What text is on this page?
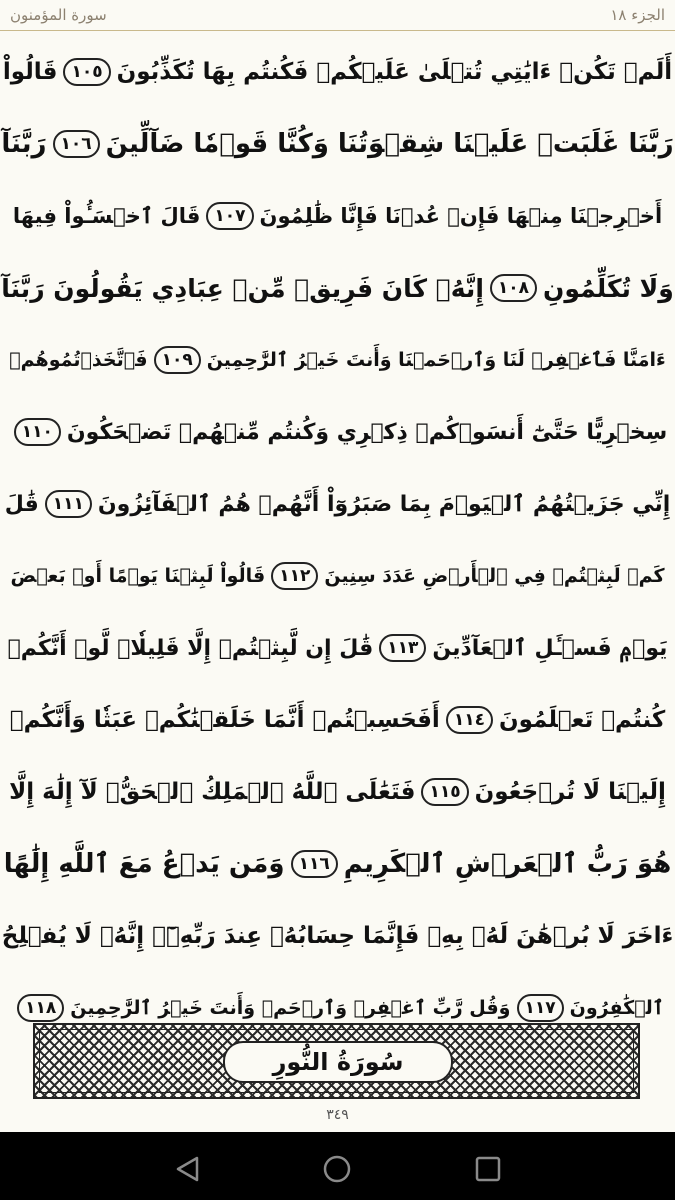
الجزء ١٨
سورة المؤمنون
أَلَمۡ تَكُنۡ ءَايَٰتِي تُتۡلَىٰ عَلَيۡكُمۡ فَكُنتُم بِهَا تُكَذِّبُونَ
١٠٥
قَالُواْ
رَبَّنَا غَلَبَتۡ عَلَيۡنَا شِقۡوَتُنَا وَكُنَّا قَوۡمٗا ضَآلِّينَ
١٠٦
رَبَّنَآ
أَخۡرِجۡنَا مِنۡهَا فَإِنۡ عُدۡنَا فَإِنَّا ظَٰلِمُونَ
١٠٧
قَالَ ٱخۡسَـُٔواْ فِيهَا
وَلَا تُكَلِّمُونِ
١٠٨
إِنَّهُۥ كَانَ فَرِيقٞ مِّنۡ عِبَادِي يَقُولُونَ رَبَّنَآ
ءَامَنَّا فَٱغۡفِرۡ لَنَا وَٱرۡحَمۡنَا وَأَنتَ خَيۡرُ ٱلرَّٰحِمِينَ
١٠٩
فَٱتَّخَذۡتُمُوهُمۡ
سِخۡرِيًّا حَتَّىٰٓ أَنسَوۡكُمۡ ذِكۡرِي وَكُنتُم مِّنۡهُمۡ تَضۡحَكُونَ
١١٠
إِنِّي جَزَيۡتُهُمُ ٱلۡيَوۡمَ بِمَا صَبَرُوٓاْ أَنَّهُمۡ هُمُ ٱلۡفَآئِزُونَ
١١١
قَٰلَ
كَمۡ لَبِثۡتُمۡ فِي ٱلۡأَرۡضِ عَدَدَ سِنِينَ
١١٢
قَالُواْ لَبِثۡنَا يَوۡمًا أَوۡ بَعۡضَ
يَوۡمٖ فَسۡـَٔلِ ٱلۡعَآدِّينَ
١١٣
قَٰلَ إِن لَّبِثۡتُمۡ إِلَّا قَلِيلٗاۖ لَّوۡ أَنَّكُمۡ
كُنتُمۡ تَعۡلَمُونَ
١١٤
أَفَحَسِبۡتُمۡ أَنَّمَا خَلَقۡنَٰكُمۡ عَبَثٗا وَأَنَّكُمۡ
إِلَيۡنَا لَا تُرۡجَعُونَ
١١٥
فَتَعَٰلَى ٱللَّهُ ٱلۡمَلِكُ ٱلۡحَقُّۖ لَآ إِلَٰهَ إِلَّا
هُوَ رَبُّ ٱلۡعَرۡشِ ٱلۡكَرِيمِ
١١٦
وَمَن يَدۡعُ مَعَ ٱللَّهِ إِلَٰهًا
ءَاخَرَ لَا بُرۡهَٰنَ لَهُۥ بِهِۦ فَإِنَّمَا حِسَابُهُۥ عِندَ رَبِّهِۦٓۚ إِنَّهُۥ لَا يُفۡلِحُ
ٱلۡكَٰفِرُونَ
١١٧
وَقُل رَّبِّ ٱغۡفِرۡ وَٱرۡحَمۡ وَأَنتَ خَيۡرُ ٱلرَّٰحِمِينَ
١١٨
سُورَةُ النُّورِ
٣٤٩
